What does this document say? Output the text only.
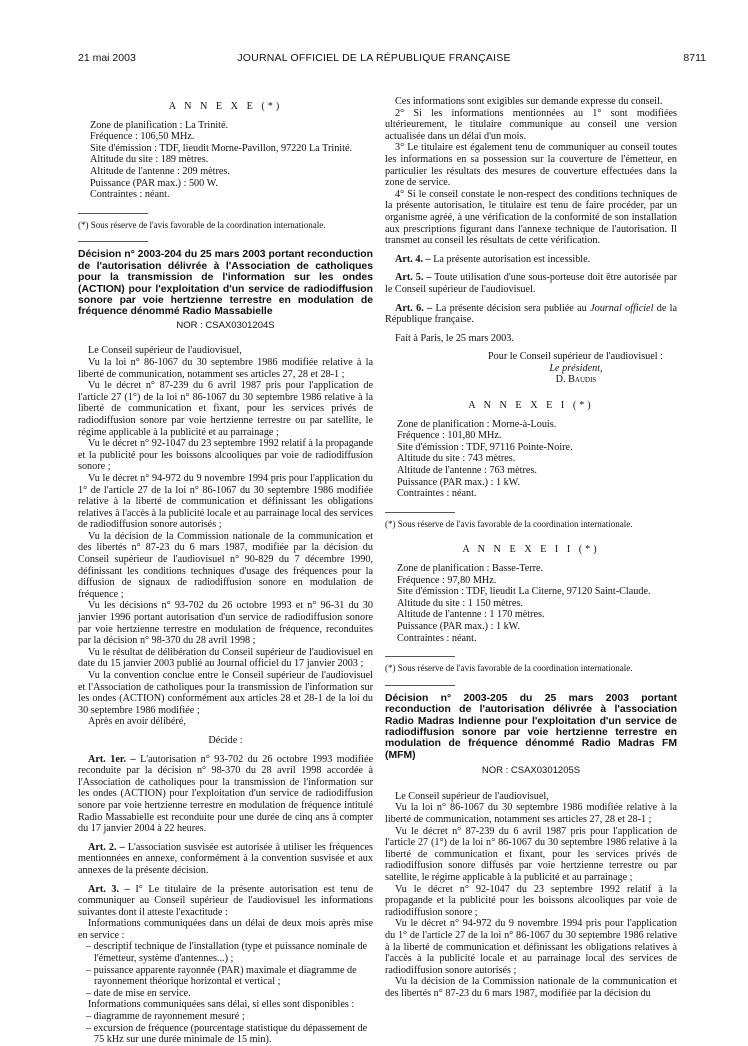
21 mai 2003	JOURNAL OFFICIEL DE LA RÉPUBLIQUE FRANÇAISE	8711

A N N E X E (*)

Zone de planification : La Trinité.

Fréquence : 106,50 MHz.

Site d'émission : TDF, lieudit Morne-Pavillon, 97220 La Trinité.

Altitude du site : 189 mètres.

Altitude de l'antenne : 209 mètres.

Puissance (PAR max.) : 500 W.

Contraintes : néant.

(*) Sous réserve de l'avis favorable de la coordination internationale.

Décision n° 2003-204 du 25 mars 2003 portant reconduction de l'autorisation délivrée à l'Association de catholiques pour la transmission de l'information sur les ondes (ACTION) pour l'exploitation d'un service de radiodiffusion sonore par voie hertzienne terrestre en modulation de fréquence dénommé Radio Massabielle

NOR : CSAX0301204S

Le Conseil supérieur de l'audiovisuel,

Vu la loi n° 86-1067 du 30 septembre 1986 modifiée relative à la liberté de communication, notamment ses articles 27, 28 et 28-1 ;

Vu le décret n° 87-239 du 6 avril 1987 pris pour l'application de l'article 27 (1°) de la loi n° 86-1067 du 30 septembre 1986 relative à la liberté de communication et fixant, pour les services privés de radiodiffusion sonore par voie hertzienne terrestre ou par satellite, le régime applicable à la publicité et au parrainage ;

Vu le décret n° 92-1047 du 23 septembre 1992 relatif à la propagande et la publicité pour les boissons alcooliques par voie de radiodiffusion sonore ;

Vu le décret n° 94-972 du 9 novembre 1994 pris pour l'application du 1° de l'article 27 de la loi n° 86-1067 du 30 septembre 1986 modifiée relative à la liberté de communication et définissant les obligations relatives à l'accès à la publicité locale et au parrainage local des services de radiodiffusion sonore autorisés ;

Vu la décision de la Commission nationale de la communication et des libertés n° 87-23 du 6 mars 1987, modifiée par la décision du Conseil supérieur de l'audiovisuel n° 90-829 du 7 décembre 1990, définissant les conditions techniques d'usage des fréquences pour la diffusion de signaux de radiodiffusion sonore en modulation de fréquence ;

Vu les décisions n° 93-702 du 26 octobre 1993 et n° 96-31 du 30 janvier 1996 portant autorisation d'un service de radiodiffusion sonore par voie hertzienne terrestre en modulation de fréquence, reconduites par la décision n° 98-370 du 28 avril 1998 ;

Vu le résultat de délibération du Conseil supérieur de l'audiovisuel en date du 15 janvier 2003 publié au Journal officiel du 17 janvier 2003 ;

Vu la convention conclue entre le Conseil supérieur de l'audiovisuel et l'Association de catholiques pour la transmission de l'information sur les ondes (ACTION) conformément aux articles 28 et 28-1 de la loi du 30 septembre 1986 modifiée ;

Après en avoir délibéré,

Décide :

Art. 1er. – L'autorisation n° 93-702 du 26 octobre 1993 modifiée reconduite par la décision n° 98-370 du 28 avril 1998 accordée à l'Association de catholiques pour la transmission de l'information sur les ondes (ACTION) pour l'exploitation d'un service de radiodiffusion sonore par voie hertzienne terrestre en modulation de fréquence intitulé Radio Massabielle est reconduite pour une durée de cinq ans à compter du 17 janvier 2004 à 22 heures.

Art. 2. – L'association susvisée est autorisée à utiliser les fréquences mentionnées en annexe, conformément à la convention susvisée et aux annexes de la présente décision.

Art. 3. – I° Le titulaire de la présente autorisation est tenu de communiquer au Conseil supérieur de l'audiovisuel les informations suivantes dont il atteste l'exactitude :

Informations communiquées dans un délai de deux mois après mise en service :

– descriptif technique de l'installation (type et puissance nominale de l'émetteur, système d'antennes...) ;

– puissance apparente rayonnée (PAR) maximale et diagramme de rayonnement théorique horizontal et vertical ;

– date de mise en service.

Informations communiquées sans délai, si elles sont disponibles :

– diagramme de rayonnement mesuré ;

– excursion de fréquence (pourcentage statistique du dépassement de 75 kHz sur une durée minimale de 15 min).

Ces informations sont exigibles sur demande expresse du conseil.

2° Si les informations mentionnées au 1° sont modifiées ultérieurement, le titulaire communique au conseil une version actualisée dans un délai d'un mois.

3° Le titulaire est également tenu de communiquer au conseil toutes les informations en sa possession sur la couverture de l'émetteur, en particulier les résultats des mesures de couverture effectuées dans la zone de service.

4° Si le conseil constate le non-respect des conditions techniques de la présente autorisation, le titulaire est tenu de faire procéder, par un organisme agréé, à une vérification de la conformité de son installation aux prescriptions figurant dans l'annexe technique de l'autorisation. Il transmet au conseil les résultats de cette vérification.

Art. 4. – La présente autorisation est incessible.

Art. 5. – Toute utilisation d'une sous-porteuse doit être autorisée par le Conseil supérieur de l'audiovisuel.

Art. 6. – La présente décision sera publiée au Journal officiel de la République française.

Fait à Paris, le 25 mars 2003.

Pour le Conseil supérieur de l'audiovisuel :

Le président,

D. Baudis

A N N E X E I (*)

Zone de planification : Morne-à-Louis.

Fréquence : 101,80 MHz.

Site d'émission : TDF, 97116 Pointe-Noire.

Altitude du site : 743 mètres.

Altitude de l'antenne : 763 mètres.

Puissance (PAR max.) : 1 kW.

Contraintes : néant.

(*) Sous réserve de l'avis favorable de la coordination internationale.

A N N E X E I I (*)

Zone de planification : Basse-Terre.

Fréquence : 97,80 MHz.

Site d'émission : TDF, lieudit La Citerne, 97120 Saint-Claude.

Altitude du site : 1 150 mètres.

Altitude de l'antenne : 1 170 mètres.

Puissance (PAR max.) : 1 kW.

Contraintes : néant.

(*) Sous réserve de l'avis favorable de la coordination internationale.

Décision n° 2003-205 du 25 mars 2003 portant reconduction de l'autorisation délivrée à l'association Radio Madras Indienne pour l'exploitation d'un service de radiodiffusion sonore par voie hertzienne terrestre en modulation de fréquence dénommé Radio Madras FM (MFM)

NOR : CSAX0301205S

Le Conseil supérieur de l'audiovisuel,

Vu la loi n° 86-1067 du 30 septembre 1986 modifiée relative à la liberté de communication, notamment ses articles 27, 28 et 28-1 ;

Vu le décret n° 87-239 du 6 avril 1987 pris pour l'application de l'article 27 (1°) de la loi n° 86-1067 du 30 septembre 1986 relative à la liberté de communication et fixant, pour les services privés de radiodiffusion sonore diffusés par voie hertzienne terrestre ou par satellite, le régime applicable à la publicité et au parrainage ;

Vu le décret n° 92-1047 du 23 septembre 1992 relatif à la propagande et la publicité pour les boissons alcooliques par voie de radiodiffusion sonore ;

Vu le décret n° 94-972 du 9 novembre 1994 pris pour l'application du 1° de l'article 27 de la loi n° 86-1067 du 30 septembre 1986 relative à la liberté de communication et définissant les obligations relatives à l'accès à la publicité locale et au parrainage local des services de radiodiffusion sonore autorisés ;

Vu la décision de la Commission nationale de la communication et des libertés n° 87-23 du 6 mars 1987, modifiée par la décision du
